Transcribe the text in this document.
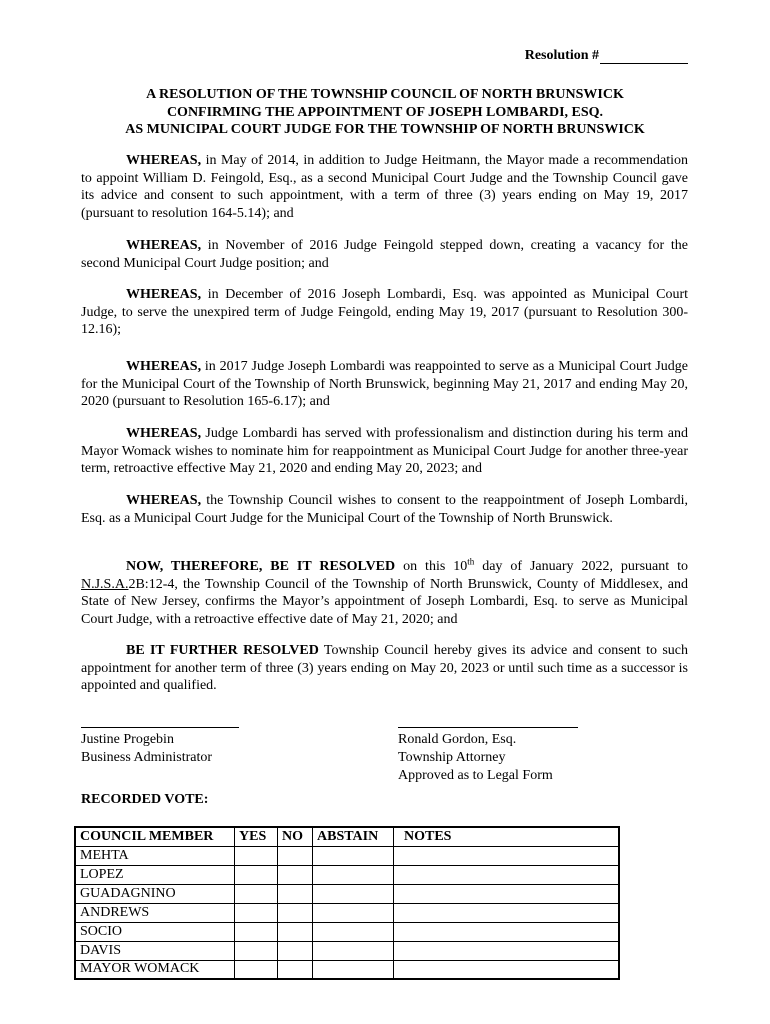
Resolution #
A RESOLUTION OF THE TOWNSHIP COUNCIL OF NORTH BRUNSWICK
CONFIRMING THE APPOINTMENT OF JOSEPH LOMBARDI, ESQ.
AS MUNICIPAL COURT JUDGE FOR THE TOWNSHIP OF NORTH BRUNSWICK
WHEREAS, in May of 2014, in addition to Judge Heitmann, the Mayor made a recommendation to appoint William D. Feingold, Esq., as a second Municipal Court Judge and the Township Council gave its advice and consent to such appointment, with a term of three (3) years ending on May 19, 2017 (pursuant to resolution 164-5.14); and
WHEREAS, in November of 2016 Judge Feingold stepped down, creating a vacancy for the second Municipal Court Judge position; and
WHEREAS, in December of 2016 Joseph Lombardi, Esq. was appointed as Municipal Court Judge, to serve the unexpired term of Judge Feingold, ending May 19, 2017 (pursuant to Resolution 300-12.16);
WHEREAS, in 2017 Judge Joseph Lombardi was reappointed to serve as a Municipal Court Judge for the Municipal Court of the Township of North Brunswick, beginning May 21, 2017 and ending May 20, 2020 (pursuant to Resolution 165-6.17); and
WHEREAS, Judge Lombardi has served with professionalism and distinction during his term and Mayor Womack wishes to nominate him for reappointment as Municipal Court Judge for another three-year term, retroactive effective May 21, 2020 and ending May 20, 2023; and
WHEREAS, the Township Council wishes to consent to the reappointment of Joseph Lombardi, Esq. as a Municipal Court Judge for the Municipal Court of the Township of North Brunswick.
NOW, THEREFORE, BE IT RESOLVED on this 10th day of January 2022, pursuant to N.J.S.A.2B:12-4, the Township Council of the Township of North Brunswick, County of Middlesex, and State of New Jersey, confirms the Mayor’s appointment of Joseph Lombardi, Esq. to serve as Municipal Court Judge, with a retroactive effective date of May 21, 2020; and
BE IT FURTHER RESOLVED Township Council hereby gives its advice and consent to such appointment for another term of three (3) years ending on May 20, 2023 or until such time as a successor is appointed and qualified.
Justine Progebin
Business Administrator
Ronald Gordon, Esq.
Township Attorney
Approved as to Legal Form
RECORDED VOTE:
COUNCIL MEMBER	YES	NO	ABSTAIN	NOTES
MEHTA				
LOPEZ				
GUADAGNINO				
ANDREWS				
SOCIO				
DAVIS				
MAYOR WOMACK				
